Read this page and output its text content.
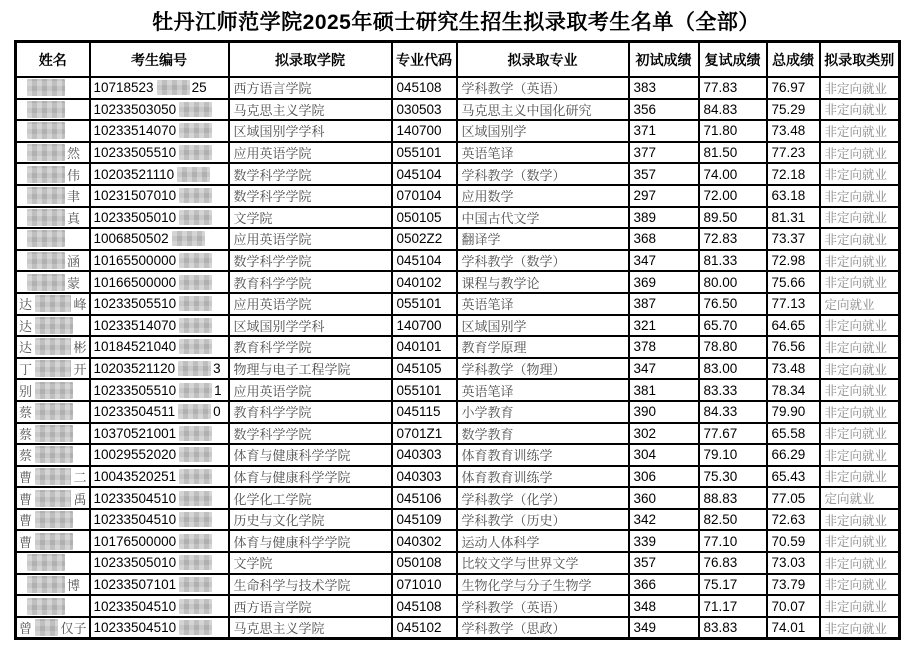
牡丹江师范学院2025年硕士研究生招生拟录取考生名单（全部）
姓名	考生编号	拟录取学院	专业代码	拟录取专业	初试成绩	复试成绩	总成绩	拟录取类别

	10718523 25	西方语言学院	045108	学科教学（英语）	383	77.83	76.97	非定向就业

	10233503050	马克思主义学院	030503	马克思主义中国化研究	356	84.83	75.29	非定向就业

	10233514070	区域国别学学科	140700	区域国别学	371	71.80	73.48	非定向就业

然	10233505510	应用英语学院	055101	英语笔译	377	81.50	77.23	非定向就业

伟	10203521110	数学科学学院	045104	学科教学（数学）	357	74.00	72.18	非定向就业

聿	10231507010	数学科学学院	070104	应用数学	297	72.00	63.18	非定向就业

真	10233505010	文学院	050105	中国古代文学	389	89.50	81.31	非定向就业

	1006850502	应用英语学院	0502Z2	翻译学	368	72.83	73.37	非定向就业

涵	10165500000	数学科学学院	045104	学科教学（数学）	347	81.33	72.98	非定向就业

蒙	10166500000	教育科学学院	040102	课程与教学论	369	80.00	75.66	非定向就业

达 峰	10233505510	应用英语学院	055101	英语笔译	387	76.50	77.13	定向就业

达	10233514070	区域国别学学科	140700	区域国别学	321	65.70	64.65	非定向就业

达 彬	10184521040	教育科学学院	040101	教育学原理	378	78.80	76.56	非定向就业

丁 开	10203521120 3	物理与电子工程学院	045105	学科教学（物理）	347	83.00	73.48	非定向就业

别	10233505510 1	应用英语学院	055101	英语笔译	381	83.33	78.34	非定向就业

蔡	10233504511 0	教育科学学院	045115	小学教育	390	84.33	79.90	非定向就业

蔡	10370521001	数学科学学院	0701Z1	数学教育	302	77.67	65.58	非定向就业

蔡	10029552020	体育与健康科学学院	040303	体育教育训练学	304	79.10	66.29	非定向就业

曹 二	10043520251	体育与健康科学学院	040303	体育教育训练学	306	75.30	65.43	非定向就业

曹 禹	10233504510	化学化工学院	045106	学科教学（化学）	360	88.83	77.05	定向就业

曹	10233504510	历史与文化学院	045109	学科教学（历史）	342	82.50	72.63	非定向就业

曹	10176500000	体育与健康科学学院	040302	运动人体科学	339	77.10	70.59	非定向就业

	10233505010	文学院	050108	比较文学与世界文学	357	76.83	73.03	非定向就业

博	10233507101	生命科学与技术学院	071010	生物化学与分子生物学	366	75.17	73.79	非定向就业

	10233504510	西方语言学院	045108	学科教学（英语）	348	71.17	70.07	非定向就业

曾 仅子	10233504510	马克思主义学院	045102	学科教学（思政）	349	83.83	74.01	非定向就业
